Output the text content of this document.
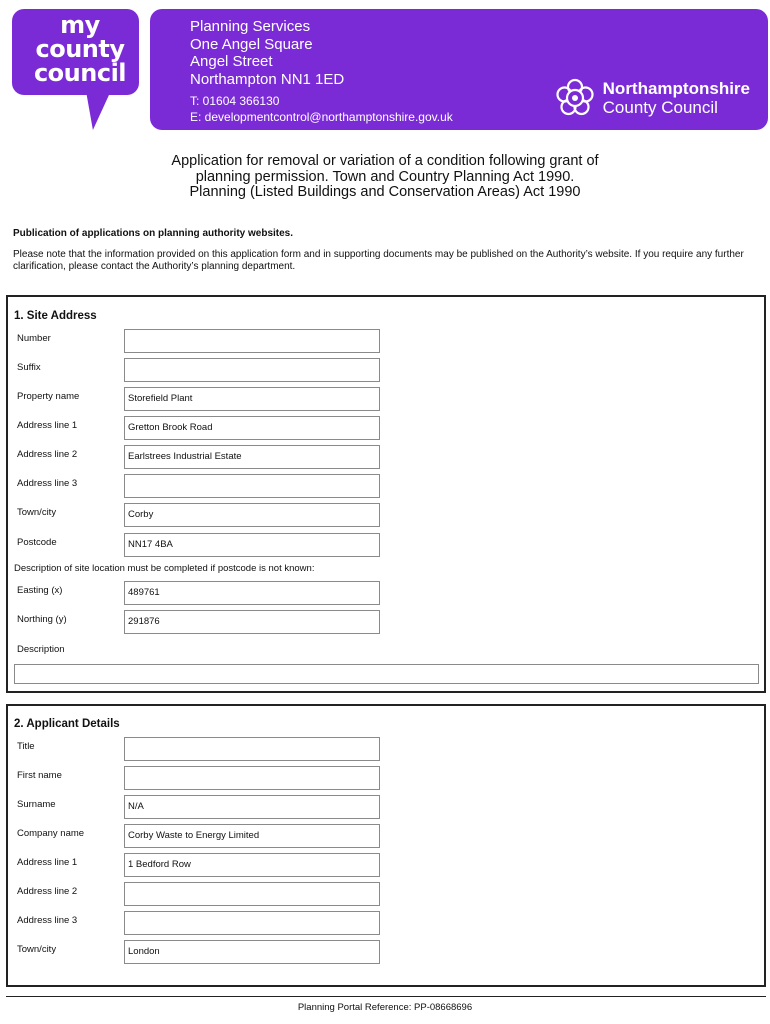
my
county
council
Planning Services
One Angel Square
Angel Street
Northampton NN1 1ED
T: 01604 366130
E: developmentcontrol@northamptonshire.gov.uk
Northamptonshire
County Council
Application for removal or variation of a condition following grant of
planning permission. Town and Country Planning Act 1990.
Planning (Listed Buildings and Conservation Areas) Act 1990
Publication of applications on planning authority websites.
Please note that the information provided on this application form and in supporting documents may be published on the Authority’s website. If you require any further clarification, please contact the Authority’s planning department.
1. Site Address
Number
Suffix
Property name	Storefield Plant
Address line 1	Gretton Brook Road
Address line 2	Earlstrees Industrial Estate
Address line 3
Town/city	Corby
Postcode	NN17 4BA
Description of site location must be completed if postcode is not known:
Easting (x)	489761
Northing (y)	291876
Description
2. Applicant Details
Title
First name
Surname	N/A
Company name	Corby Waste to Energy Limited
Address line 1	1 Bedford Row
Address line 2
Address line 3
Town/city	London
Planning Portal Reference: PP-08668696
